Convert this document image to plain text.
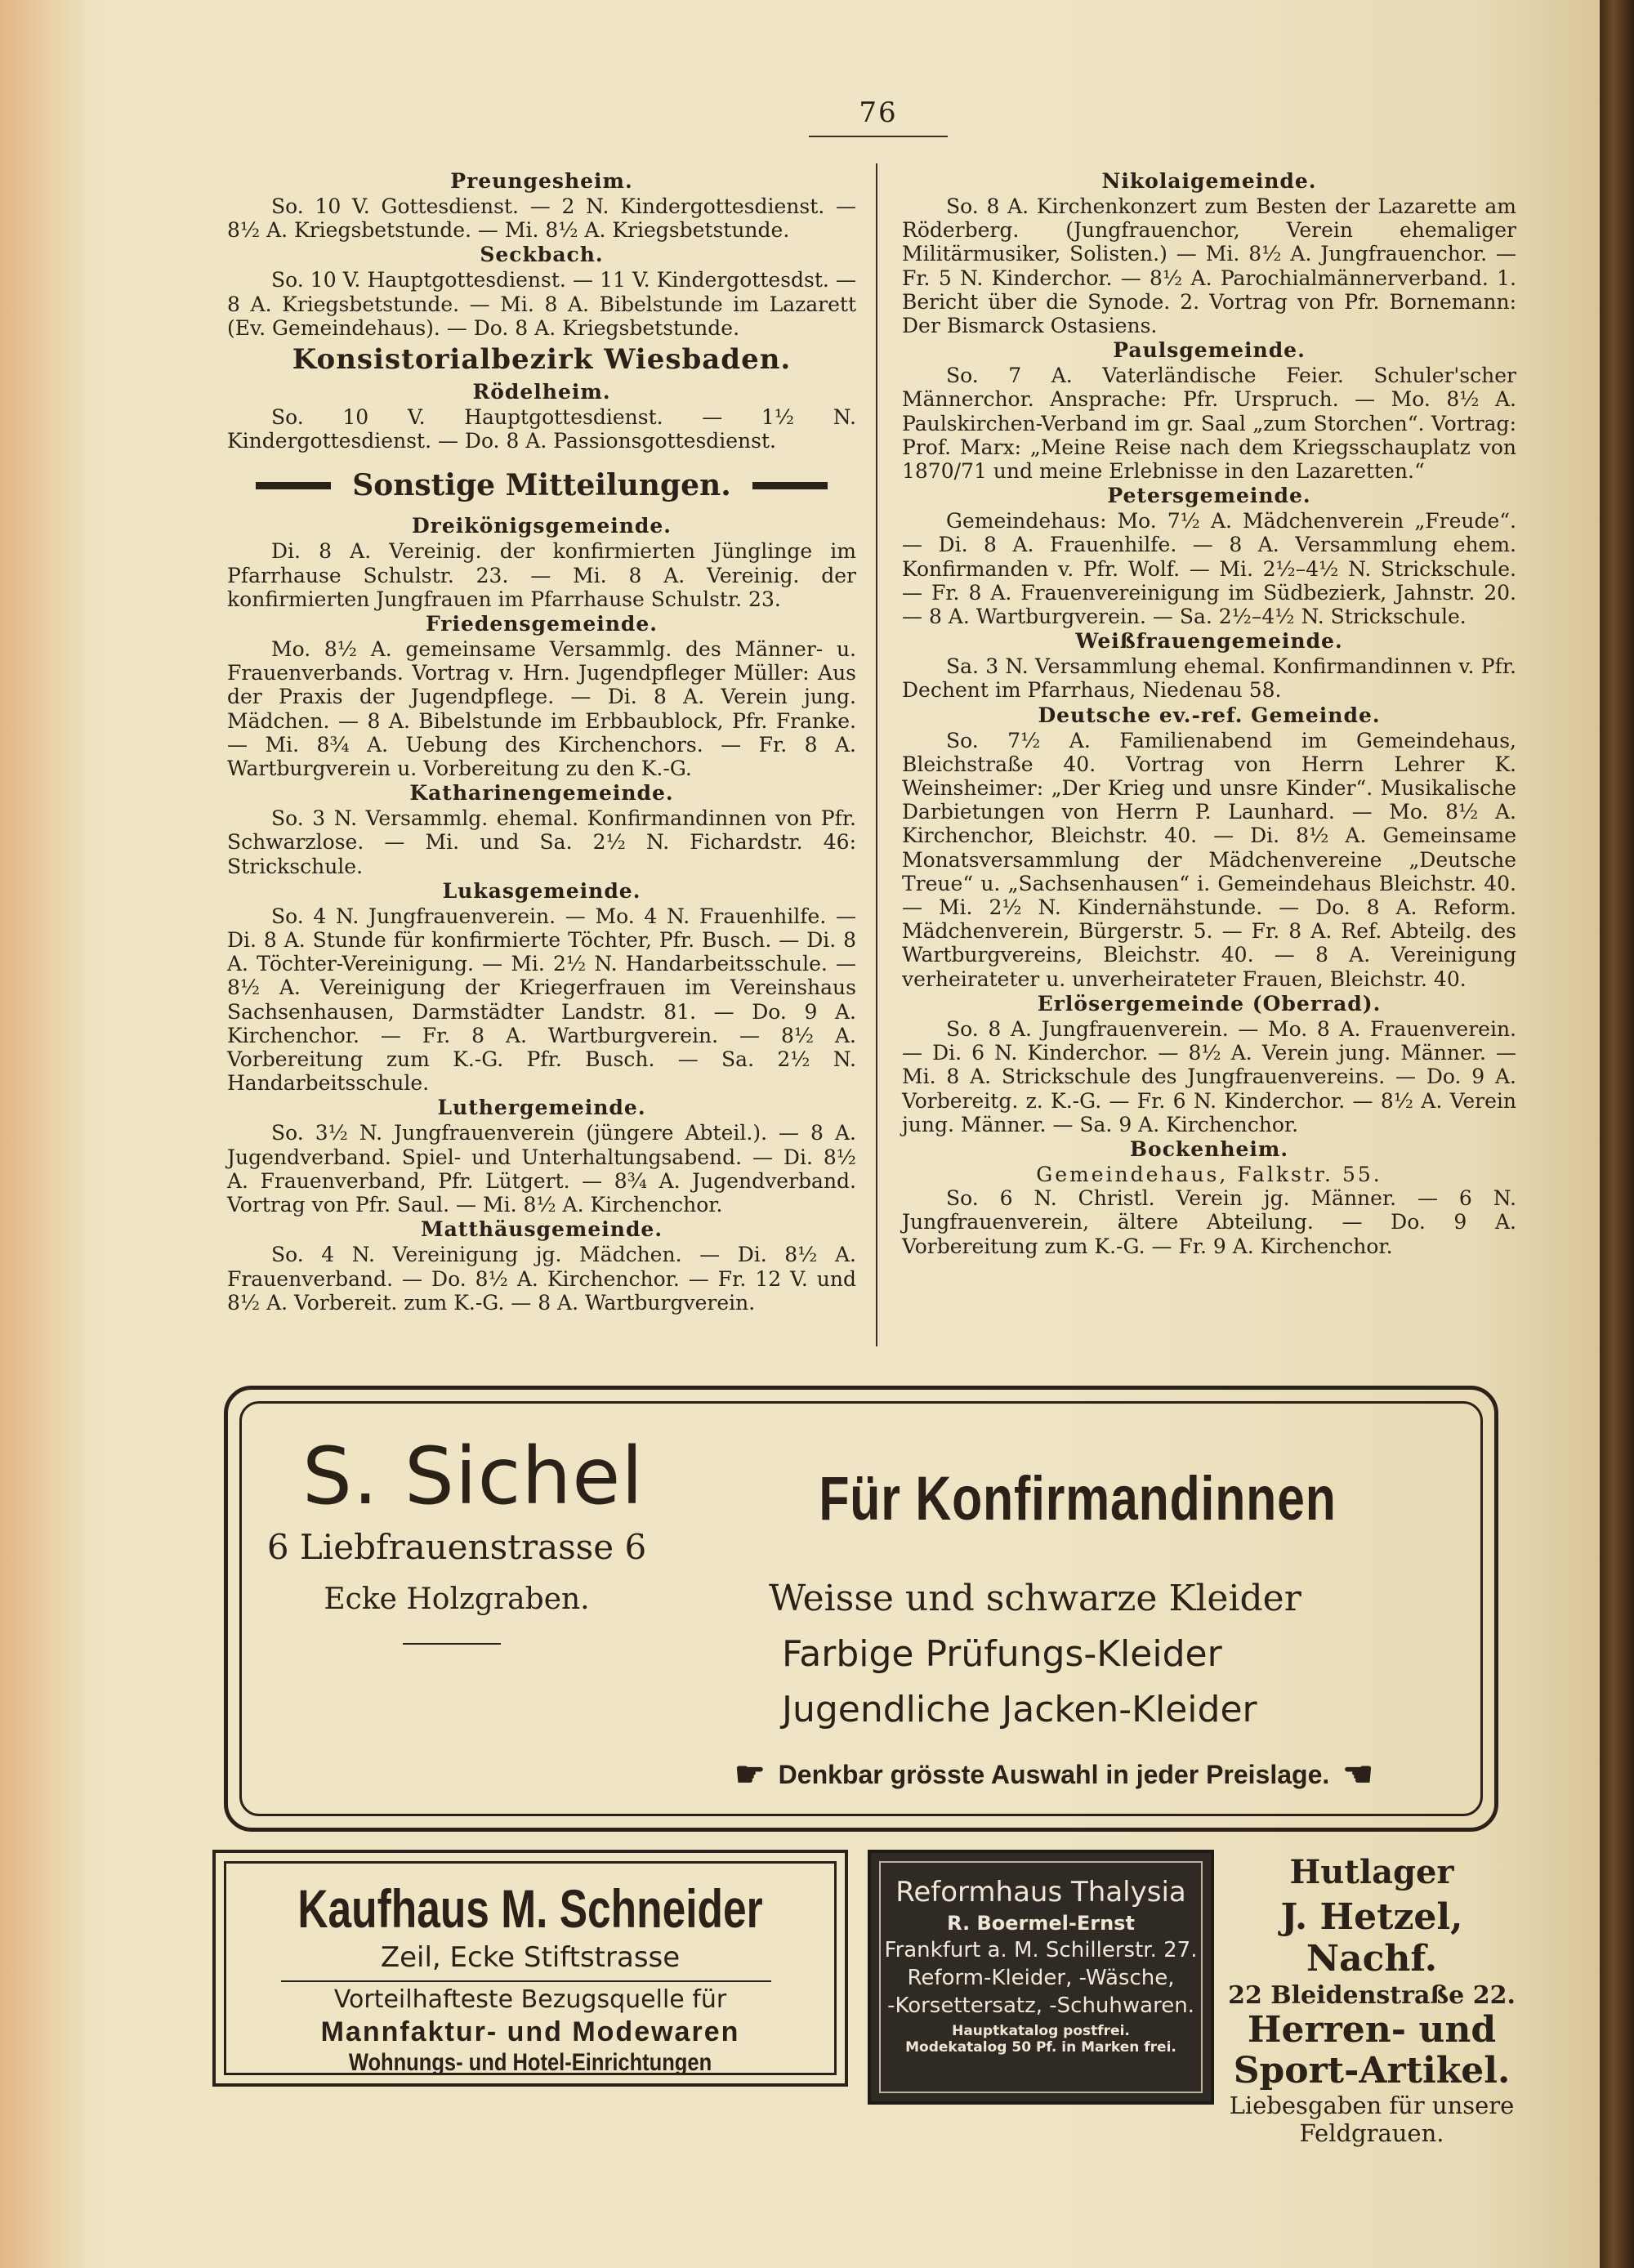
76
Preungesheim.

So. 10 V. Gottesdienst. — 2 N. Kindergottesdienst. — 8½ A. Kriegsbetstunde. — Mi. 8½ A. Kriegsbetstunde.

Seckbach.

So. 10 V. Hauptgottesdienst. — 11 V. Kindergottesdst. — 8 A. Kriegsbetstunde. — Mi. 8 A. Bibelstunde im Lazarett (Ev. Gemeindehaus). — Do. 8 A. Kriegsbetstunde.

Konsistorialbezirk Wiesbaden.
Rödelheim.

So. 10 V. Hauptgottesdienst. — 1½ N. Kindergottesdienst. — Do. 8 A. Passionsgottesdienst.

Sonstige Mitteilungen.
Dreikönigsgemeinde.

Di. 8 A. Vereinig. der konfirmierten Jünglinge im Pfarrhause Schulstr. 23. — Mi. 8 A. Vereinig. der konfirmierten Jungfrauen im Pfarrhause Schulstr. 23.

Friedensgemeinde.

Mo. 8½ A. gemeinsame Versammlg. des Männer- u. Frauenverbands. Vortrag v. Hrn. Jugendpfleger Müller: Aus der Praxis der Jugendpflege. — Di. 8 A. Verein jung. Mädchen. — 8 A. Bibelstunde im Erbbaublock, Pfr. Franke. — Mi. 8¾ A. Uebung des Kirchenchors. — Fr. 8 A. Wartburgverein u. Vorbereitung zu den K.-G.

Katharinengemeinde.

So. 3 N. Versammlg. ehemal. Konfirmandinnen von Pfr. Schwarzlose. — Mi. und Sa. 2½ N. Fichardstr. 46: Strickschule.

Lukasgemeinde.

So. 4 N. Jungfrauenverein. — Mo. 4 N. Frauenhilfe. — Di. 8 A. Stunde für konfirmierte Töchter, Pfr. Busch. — Di. 8 A. Töchter-Vereinigung. — Mi. 2½ N. Handarbeitsschule. — 8½ A. Vereinigung der Kriegerfrauen im Vereinshaus Sachsenhausen, Darmstädter Landstr. 81. — Do. 9 A. Kirchenchor. — Fr. 8 A. Wartburgverein. — 8½ A. Vorbereitung zum K.-G. Pfr. Busch. — Sa. 2½ N. Handarbeitsschule.

Luthergemeinde.

So. 3½ N. Jungfrauenverein (jüngere Abteil.). — 8 A. Jugendverband. Spiel- und Unterhaltungsabend. — Di. 8½ A. Frauenverband, Pfr. Lütgert. — 8¾ A. Jugendverband. Vortrag von Pfr. Saul. — Mi. 8½ A. Kirchenchor.

Matthäusgemeinde.

So. 4 N. Vereinigung jg. Mädchen. — Di. 8½ A. Frauenverband. — Do. 8½ A. Kirchenchor. — Fr. 12 V. und 8½ A. Vorbereit. zum K.-G. — 8 A. Wartburgverein.

Nikolaigemeinde.

So. 8 A. Kirchenkonzert zum Besten der Lazarette am Röderberg. (Jungfrauenchor, Verein ehemaliger Militärmusiker, Solisten.) — Mi. 8½ A. Jungfrauenchor. — Fr. 5 N. Kinderchor. — 8½ A. Parochialmännerverband. 1. Bericht über die Synode. 2. Vortrag von Pfr. Bornemann: Der Bismarck Ostasiens.

Paulsgemeinde.

So. 7 A. Vaterländische Feier. Schuler'scher Männerchor. Ansprache: Pfr. Urspruch. — Mo. 8½ A. Paulskirchen-Verband im gr. Saal „zum Storchen“. Vortrag: Prof. Marx: „Meine Reise nach dem Kriegsschauplatz von 1870/71 und meine Erlebnisse in den Lazaretten.“

Petersgemeinde.

Gemeindehaus: Mo. 7½ A. Mädchenverein „Freude“. — Di. 8 A. Frauenhilfe. — 8 A. Versammlung ehem. Konfirmanden v. Pfr. Wolf. — Mi. 2½–4½ N. Strickschule. — Fr. 8 A. Frauenvereinigung im Südbezierk, Jahnstr. 20. — 8 A. Wartburgverein. — Sa. 2½–4½ N. Strickschule.

Weißfrauengemeinde.

Sa. 3 N. Versammlung ehemal. Konfirmandinnen v. Pfr. Dechent im Pfarrhaus, Niedenau 58.

Deutsche ev.-ref. Gemeinde.

So. 7½ A. Familienabend im Gemeindehaus, Bleichstraße 40. Vortrag von Herrn Lehrer K. Weinsheimer: „Der Krieg und unsre Kinder“. Musikalische Darbietungen von Herrn P. Launhard. — Mo. 8½ A. Kirchenchor, Bleichstr. 40. — Di. 8½ A. Gemeinsame Monatsversammlung der Mädchenvereine „Deutsche Treue“ u. „Sachsenhausen“ i. Gemeindehaus Bleichstr. 40. — Mi. 2½ N. Kindernähstunde. — Do. 8 A. Reform. Mädchenverein, Bürgerstr. 5. — Fr. 8 A. Ref. Abteilg. des Wartburgvereins, Bleichstr. 40. — 8 A. Vereinigung verheirateter u. unverheirateter Frauen, Bleichstr. 40.

Erlösergemeinde (Oberrad).

So. 8 A. Jungfrauenverein. — Mo. 8 A. Frauenverein. — Di. 6 N. Kinderchor. — 8½ A. Verein jung. Männer. — Mi. 8 A. Strickschule des Jungfrauenvereins. — Do. 9 A. Vorbereitg. z. K.-G. — Fr. 6 N. Kinderchor. — 8½ A. Verein jung. Männer. — Sa. 9 A. Kirchenchor.

Bockenheim.
Gemeindehaus, Falkstr. 55.

So. 6 N. Christl. Verein jg. Männer. — 6 N. Jungfrauenverein, ältere Abteilung. — Do. 9 A. Vorbereitung zum K.-G. — Fr. 9 A. Kirchenchor.

S. Sichel
6 Liebfrauenstrasse 6
Ecke Holzgraben.
Für Konfirmandinnen
Weisse und schwarze Kleider
Farbige Prüfungs-Kleider
Jugendliche Jacken-Kleider
☛ Denkbar grösste Auswahl in jeder Preislage. ☚
Kaufhaus M. Schneider
Zeil, Ecke Stiftstrasse
Vorteilhafteste Bezugsquelle für
Mannfaktur- und Modewaren
Wohnungs- und Hotel-Einrichtungen
Reformhaus Thalysia
R. Boermel-Ernst
Frankfurt a. M. Schillerstr. 27.
Reform-Kleider, -Wäsche,
-Korsettersatz, -Schuhwaren.
Hauptkatalog postfrei.
Modekatalog 50 Pf. in Marken frei.
Hutlager
J. Hetzel, Nachf.
22 Bleidenstraße 22.
Herren- und
Sport-Artikel.
Liebesgaben für unsere
Feldgrauen.
